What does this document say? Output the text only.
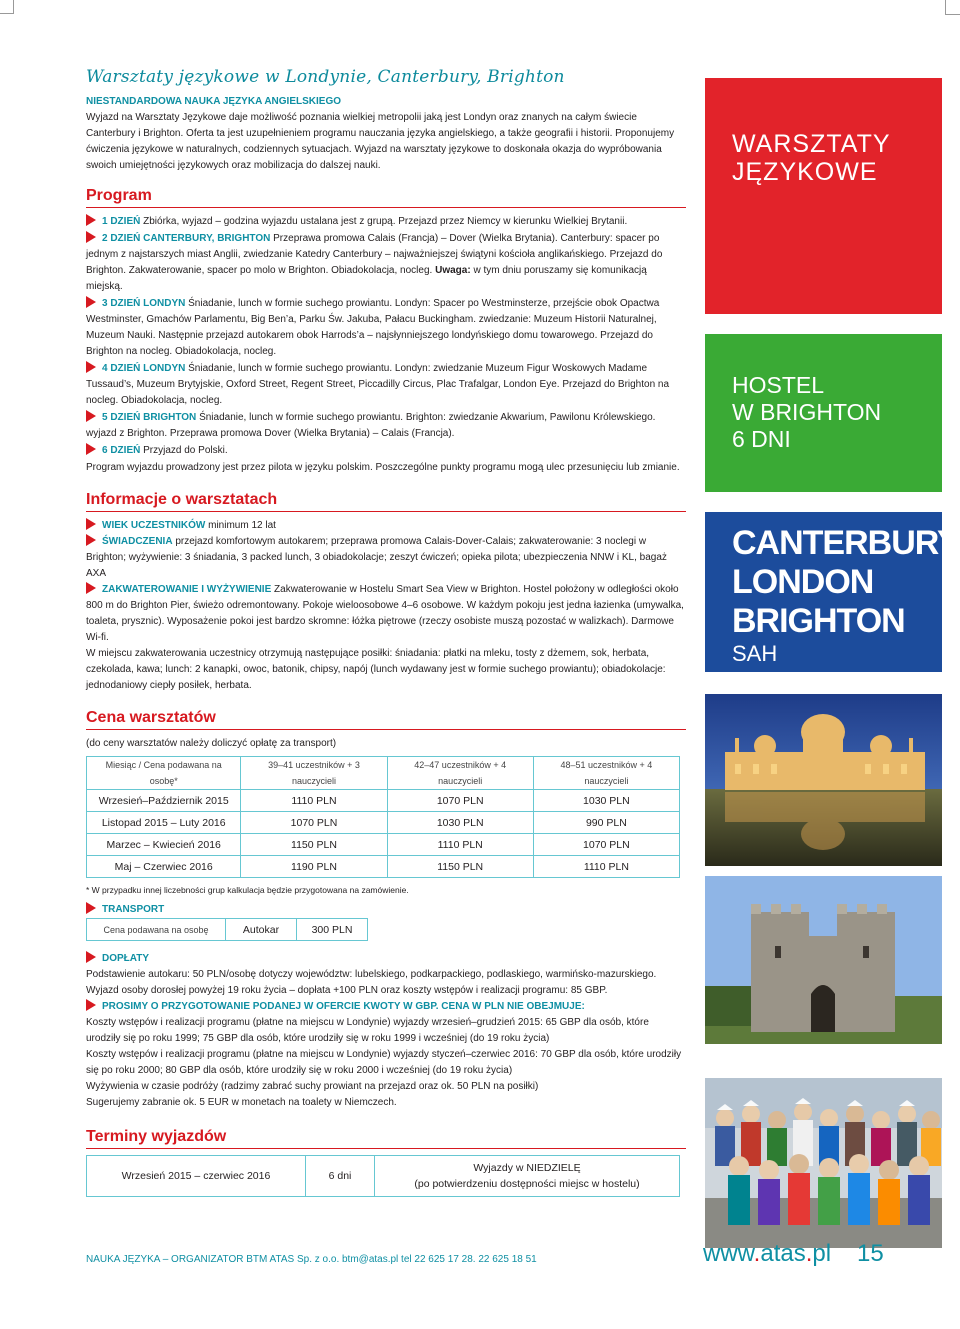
Warsztaty językowe w Londynie, Canterbury, Brighton
NIESTANDARDOWA NAUKA JĘZYKA ANGIELSKIEGO

Wyjazd na Warsztaty Językowe daje możliwość poznania wielkiej metropolii jaką jest Londyn oraz znanych na całym świecie Canterbury i Brighton. Oferta ta jest uzupełnieniem programu nauczania języka angielskiego, a także geografii i historii. Proponujemy ćwiczenia językowe w naturalnych, codziennych sytuacjach. Wyjazd na warsztaty językowe to doskonała okazja do wypróbowania swoich umiejętności językowych oraz mobilizacja do dalszej nauki.

Program

1 DZIEŃ Zbiórka, wyjazd – godzina wyjazdu ustalana jest z grupą. Przejazd przez Niemcy w kierunku Wielkiej Brytanii.

2 DZIEŃ CANTERBURY, BRIGHTON Przeprawa promowa Calais (Francja) – Dover (Wielka Brytania). Canterbury: spacer po jednym z najstarszych miast Anglii, zwiedzanie Katedry Canterbury – najważniejszej świątyni kościoła anglikańskiego. Przejazd do Brighton. Zakwaterowanie, spacer po molo w Brighton. Obiadokolacja, nocleg. Uwaga: w tym dniu poruszamy się komunikacją miejską.

3 DZIEŃ LONDYN Śniadanie, lunch w formie suchego prowiantu. Londyn: Spacer po Westminsterze, przejście obok Opactwa Westminster, Gmachów Parlamentu, Big Ben’a, Parku Św. Jakuba, Pałacu Buckingham. zwiedzanie: Muzeum Historii Naturalnej, Muzeum Nauki. Następnie przejazd autokarem obok Harrods’a – najsłynniejszego londyńskiego domu towarowego. Przejazd do Brighton na nocleg. Obiadokolacja, nocleg.

4 DZIEŃ LONDYN Śniadanie, lunch w formie suchego prowiantu. Londyn: zwiedzanie Muzeum Figur Woskowych Madame Tussaud’s, Muzeum Brytyjskie, Oxford Street, Regent Street, Piccadilly Circus, Plac Trafalgar, London Eye. Przejazd do Brighton na nocleg. Obiadokolacja, nocleg.

5 DZIEŃ BRIGHTON Śniadanie, lunch w formie suchego prowiantu. Brighton: zwiedzanie Akwarium, Pawilonu Królewskiego. wyjazd z Brighton. Przeprawa promowa Dover (Wielka Brytania) – Calais (Francja).

6 DZIEŃ Przyjazd do Polski.

Program wyjazdu prowadzony jest przez pilota w języku polskim. Poszczególne punkty programu mogą ulec przesunięciu lub zmianie.

Informacje o warsztatach

WIEK UCZESTNIKÓW minimum 12 lat

ŚWIADCZENIA przejazd komfortowym autokarem; przeprawa promowa Calais-Dover-Calais; zakwaterowanie: 3 noclegi w Brighton; wyżywienie: 3 śniadania, 3 packed lunch, 3 obiadokolacje; zeszyt ćwiczeń; opieka pilota; ubezpieczenia NNW i KL, bagaż AXA

ZAKWATEROWANIE I WYŻYWIENIE Zakwaterowanie w Hostelu Smart Sea View w Brighton. Hostel położony w odległości około 800 m do Brighton Pier, świeżo odremontowany. Pokoje wieloosobowe 4–6 osobowe. W każdym pokoju jest jedna łazienka (umywalka, toaleta, prysznic). Wyposażenie pokoi jest bardzo skromne: łóżka piętrowe (rzeczy osobiste muszą pozostać w walizkach). Darmowe Wi-fi.

W miejscu zakwaterowania uczestnicy otrzymują następujące posiłki: śniadania: płatki na mleku, tosty z dżemem, sok, herbata, czekolada, kawa; lunch: 2 kanapki, owoc, batonik, chipsy, napój (lunch wydawany jest w formie suchego prowiantu); obiadokolacje: jednodaniowy ciepły posiłek, herbata.

Cena warsztatów

(do ceny warsztatów należy doliczyć opłatę za transport)

Miesiąc / Cena podawana na osobę*	39–41 uczestników + 3 nauczycieli	42–47 uczestników + 4 nauczycieli	48–51 uczestników + 4 nauczycieli
Wrzesień–Październik 2015	1110 PLN	1070 PLN	1030 PLN
Listopad 2015 – Luty 2016	1070 PLN	1030 PLN	990 PLN
Marzec – Kwiecień 2016	1150 PLN	1110 PLN	1070 PLN
Maj – Czerwiec 2016	1190 PLN	1150 PLN	1110 PLN
* W przypadku innej liczebności grup kalkulacja będzie przygotowana na zamówienie.

TRANSPORT

Cena podawana na osobę	Autokar	300 PLN

DOPŁATY

Podstawienie autokaru: 50 PLN/osobę dotyczy województw: lubelskiego, podkarpackiego, podlaskiego, warmińsko-mazurskiego.

Wyjazd osoby dorosłej powyżej 19 roku życia – dopłata +100 PLN oraz koszty wstępów i realizacji programu: 85 GBP.

PROSIMY O PRZYGOTOWANIE PODANEJ W OFERCIE KWOTY W GBP. CENA W PLN NIE OBEJMUJE:

Koszty wstępów i realizacji programu (płatne na miejscu w Londynie) wyjazdy wrzesień–grudzień 2015: 65 GBP dla osób, które urodziły się po roku 1999; 75 GBP dla osób, które urodziły się w roku 1999 i wcześniej (do 19 roku życia)

Koszty wstępów i realizacji programu (płatne na miejscu w Londynie) wyjazdy styczeń–czerwiec 2016: 70 GBP dla osób, które urodziły się po roku 2000; 80 GBP dla osób, które urodziły się w roku 2000 i wcześniej (do 19 roku życia)

Wyżywienia w czasie podróży (radzimy zabrać suchy prowiant na przejazd oraz ok. 50 PLN na posiłki)

Sugerujemy zabranie ok. 5 EUR w monetach na toalety w Niemczech.

Terminy wyjazdów
Wrzesień 2015 – czerwiec 2016	6 dni	
Wyjazdy w NIEDZIELĘ
(po potwierdzeniu dostępności miejsc w hostelu)
WARSZTATY
JĘZYKOWE
HOSTEL
W BRIGHTON
6 DNI
CANTERBURY
LONDON
BRIGHTON
SAH
NAUKA JĘZYKA – ORGANIZATOR BTM ATAS Sp. z o.o. btm@atas.pl tel 22 625 17 28. 22 625 18 51	www.atas.pl 15
